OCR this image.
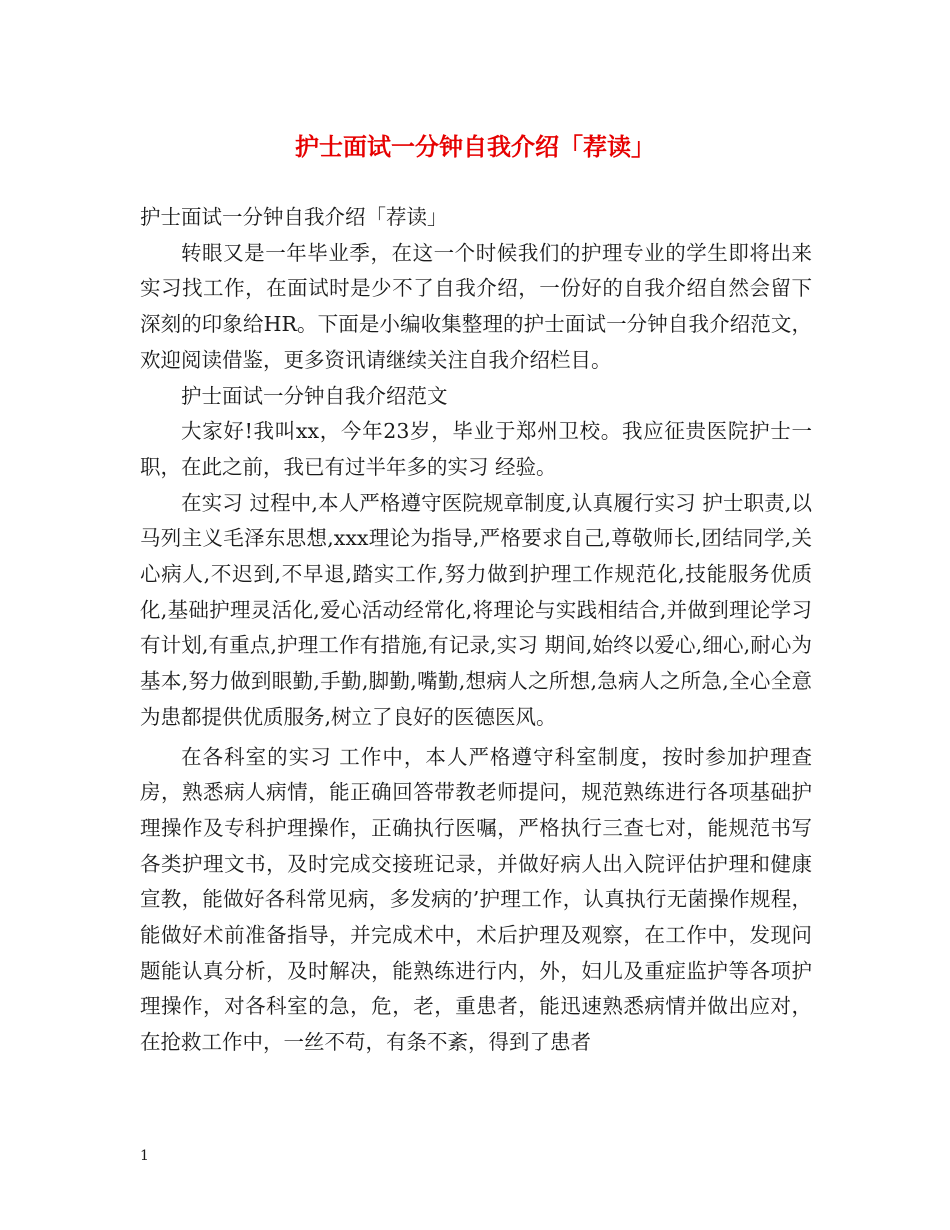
护士面试一分钟自我介绍「荐读」

护士面试一分钟自我介绍「荐读」

转眼又是一年毕业季，在这一个时候我们的护理专业的学生即将出来实习找工作，在面试时是少不了自我介绍，一份好的自我介绍自然会留下深刻的印象给HR。下面是小编收集整理的护士面试一分钟自我介绍范文，欢迎阅读借鉴，更多资讯请继续关注自我介绍栏目。

护士面试一分钟自我介绍范文

大家好!我叫xx，今年23岁，毕业于郑州卫校。我应征贵医院护士一职，在此之前，我已有过半年多的实习 经验。

在实习 过程中,本人严格遵守医院规章制度,认真履行实习 护士职责,以马列主义毛泽东思想,xxx理论为指导,严格要求自己,尊敬师长,团结同学,关心病人,不迟到,不早退,踏实工作,努力做到护理工作规范化,技能服务优质化,基础护理灵活化,爱心活动经常化,将理论与实践相结合,并做到理论学习有计划,有重点,护理工作有措施,有记录,实习 期间,始终以爱心,细心,耐心为基本,努力做到眼勤,手勤,脚勤,嘴勤,想病人之所想,急病人之所急,全心全意为患都提供优质服务,树立了良好的医德医风。

在各科室的实习 工作中，本人严格遵守科室制度，按时参加护理查房，熟悉病人病情，能正确回答带教老师提问，规范熟练进行各项基础护理操作及专科护理操作，正确执行医嘱，严格执行三查七对，能规范书写各类护理文书，及时完成交接班记录，并做好病人出入院评估护理和健康宣教，能做好各科常见病，多发病的’护理工作，认真执行无菌操作规程，能做好术前准备指导，并完成术中，术后护理及观察，在工作中，发现问题能认真分析，及时解决，能熟练进行内，外，妇儿及重症监护等各项护理操作，对各科室的急，危，老，重患者，能迅速熟悉病情并做出应对，在抢救工作中，一丝不苟，有条不紊，得到了患者

1
